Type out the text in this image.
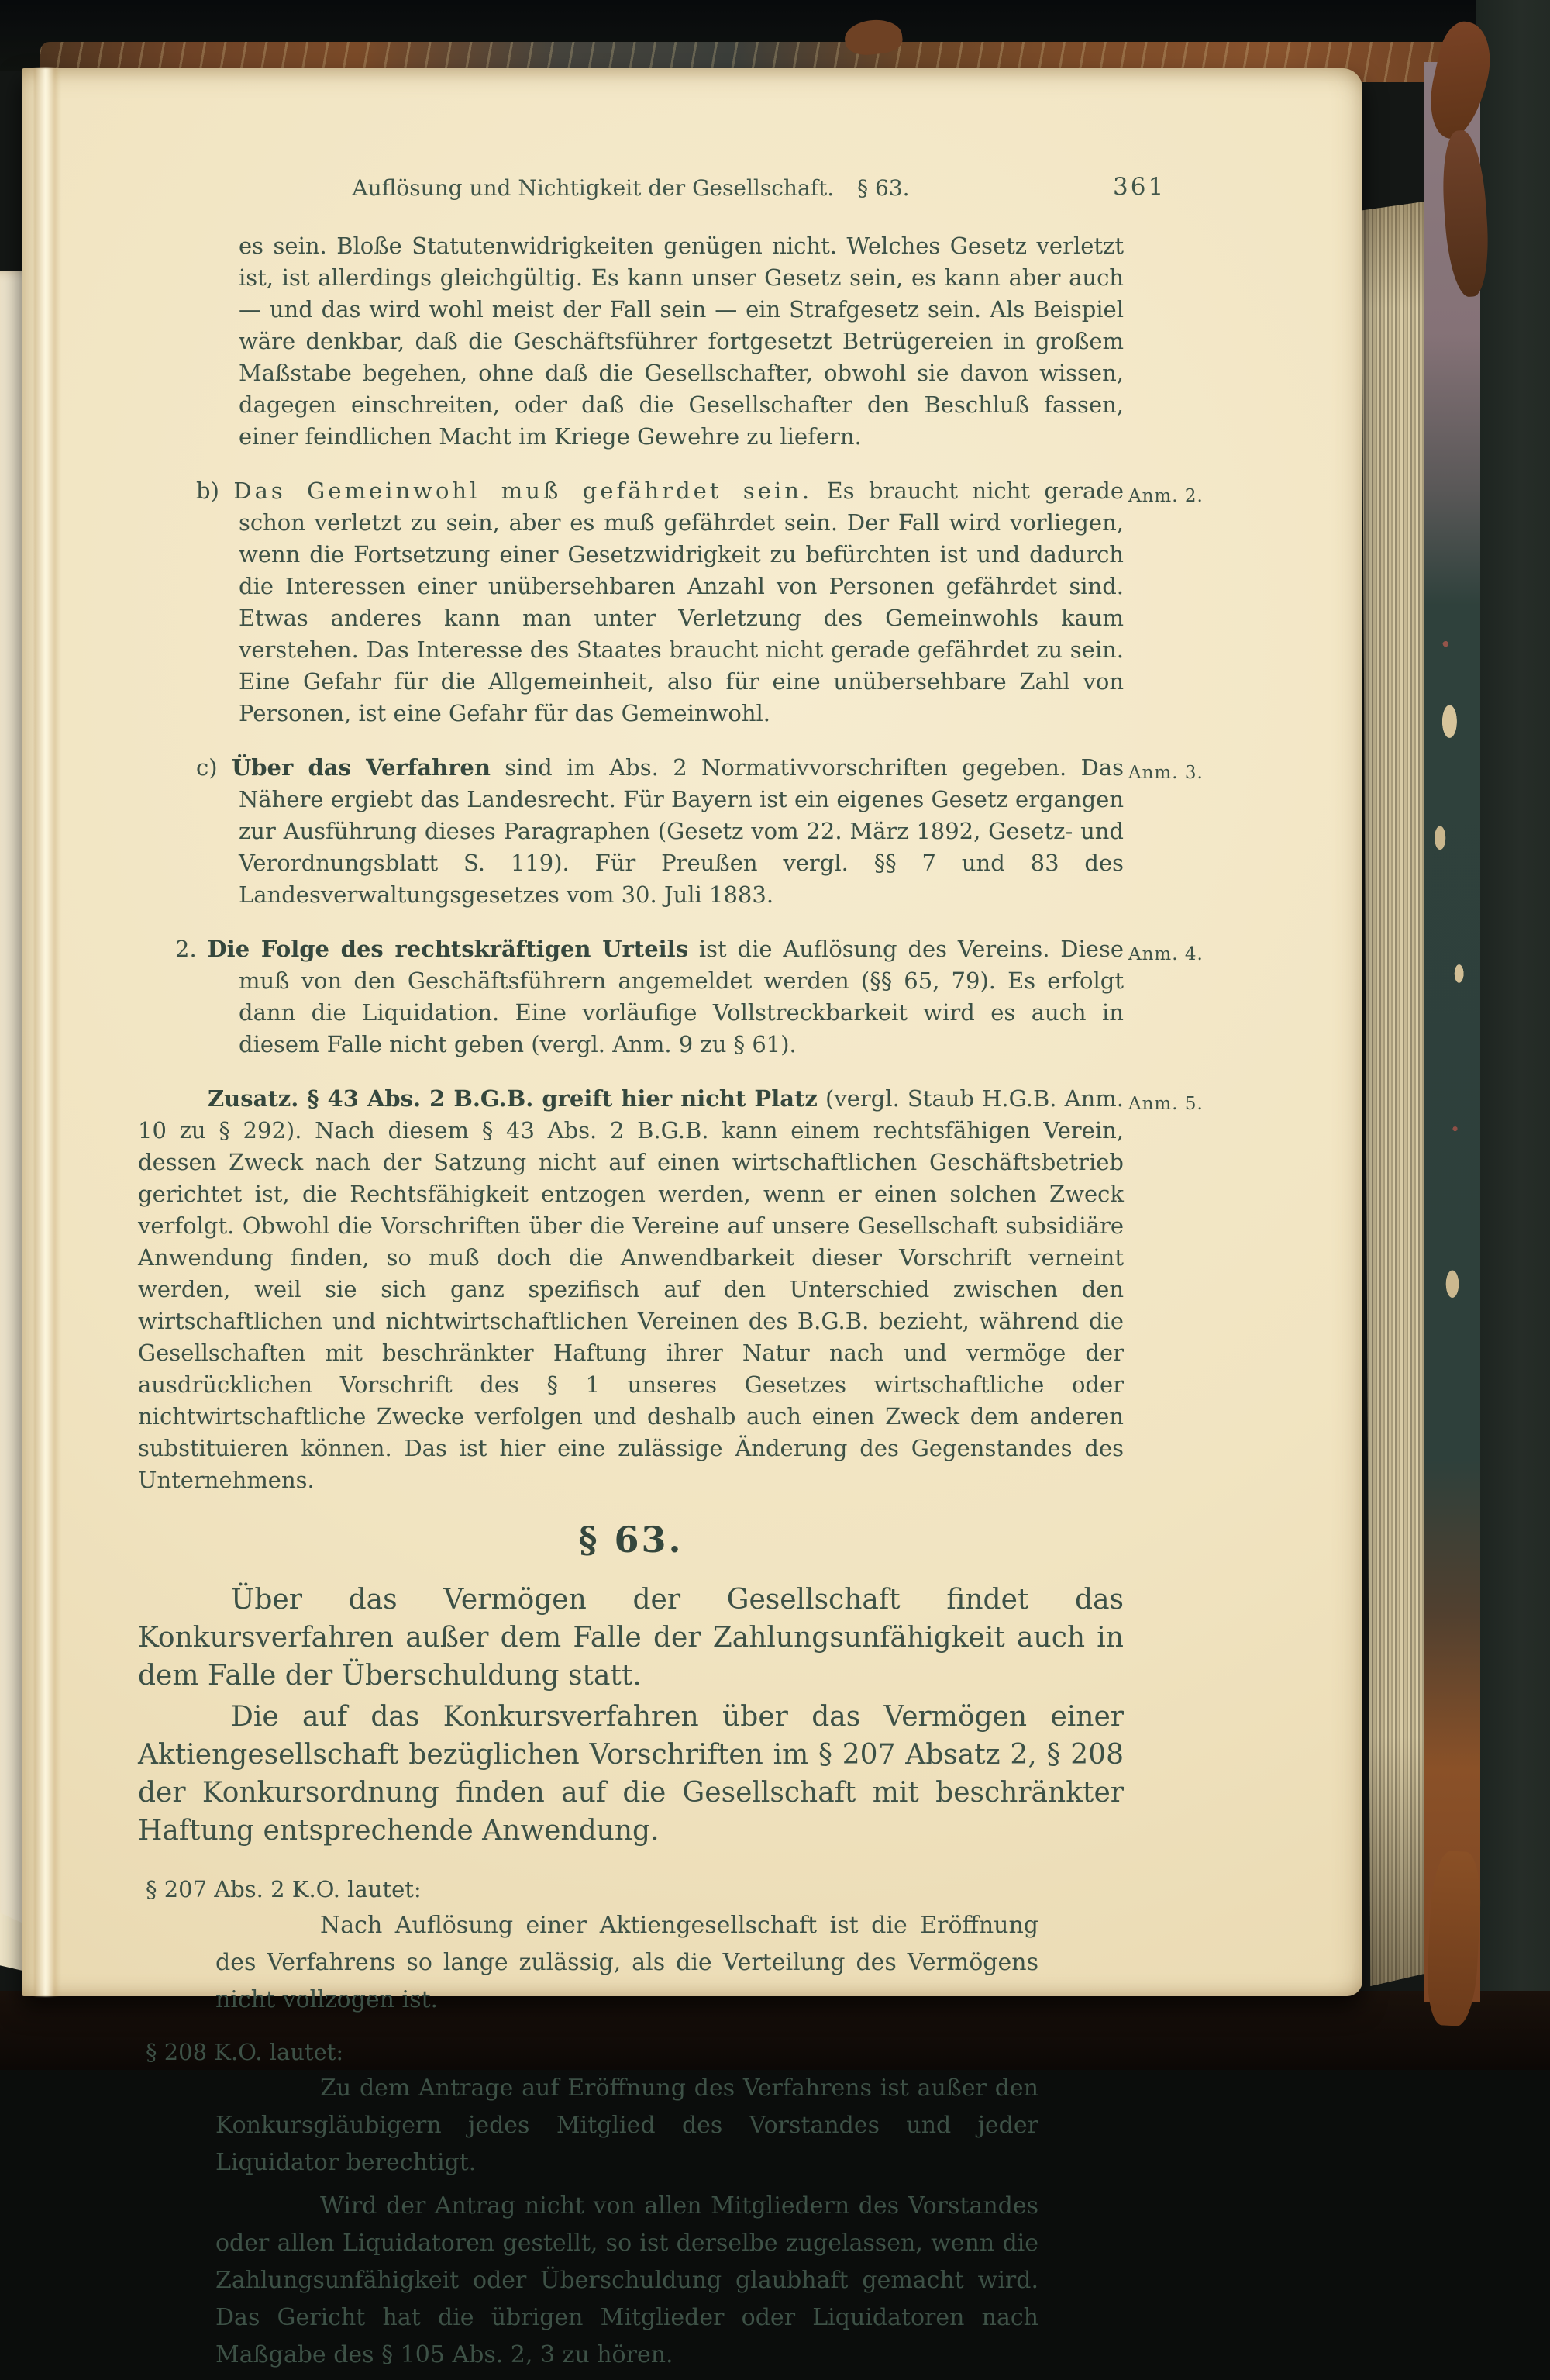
Auflösung und Nichtigkeit der Gesellschaft. § 63.	361

es sein. Bloße Statutenwidrigkeiten genügen nicht. Welches Gesetz verletzt ist, ist allerdings gleichgültig. Es kann unser Gesetz sein, es kann aber auch — und das wird wohl meist der Fall sein — ein Strafgesetz sein. Als Beispiel wäre denkbar, daß die Geschäftsführer fortgesetzt Betrügereien in großem Maßstabe begehen, ohne daß die Gesellschafter, obwohl sie davon wissen, dagegen einschreiten, oder daß die Gesellschafter den Beschluß fassen, einer feindlichen Macht im Kriege Gewehre zu liefern.

b) Das Gemeinwohl muß gefährdet sein. Es braucht nicht gerade schon verletzt zu sein, aber es muß gefährdet sein. Der Fall wird vorliegen, wenn die Fortsetzung einer Gesetzwidrigkeit zu befürchten ist und dadurch die Interessen einer unübersehbaren Anzahl von Personen gefährdet sind. Etwas anderes kann man unter Verletzung des Gemeinwohls kaum verstehen. Das Interesse des Staates braucht nicht gerade gefährdet zu sein. Eine Gefahr für die Allgemeinheit, also für eine unübersehbare Zahl von Personen, ist eine Gefahr für das Gemeinwohl.
Anm. 2.

c) Über das Verfahren sind im Abs. 2 Normativvorschriften gegeben. Das Nähere ergiebt das Landesrecht. Für Bayern ist ein eigenes Gesetz ergangen zur Ausführung dieses Paragraphen (Gesetz vom 22. März 1892, Gesetz- und Verordnungsblatt S. 119). Für Preußen vergl. §§ 7 und 83 des Landesverwaltungsgesetzes vom 30. Juli 1883.
Anm. 3.

2. Die Folge des rechtskräftigen Urteils ist die Auflösung des Vereins. Diese muß von den Geschäftsführern angemeldet werden (§§ 65, 79). Es erfolgt dann die Liquidation. Eine vorläufige Vollstreckbarkeit wird es auch in diesem Falle nicht geben (vergl. Anm. 9 zu § 61).
Anm. 4.

Zusatz. § 43 Abs. 2 B.G.B. greift hier nicht Platz (vergl. Staub H.G.B. Anm. 10 zu § 292). Nach diesem § 43 Abs. 2 B.G.B. kann einem rechtsfähigen Verein, dessen Zweck nach der Satzung nicht auf einen wirtschaftlichen Geschäftsbetrieb gerichtet ist, die Rechtsfähigkeit entzogen werden, wenn er einen solchen Zweck verfolgt. Obwohl die Vorschriften über die Vereine auf unsere Gesellschaft subsidiäre Anwendung finden, so muß doch die Anwendbarkeit dieser Vorschrift verneint werden, weil sie sich ganz spezifisch auf den Unterschied zwischen den wirtschaftlichen und nichtwirtschaftlichen Vereinen des B.G.B. bezieht, während die Gesellschaften mit beschränkter Haftung ihrer Natur nach und vermöge der ausdrücklichen Vorschrift des § 1 unseres Gesetzes wirtschaftliche oder nichtwirtschaftliche Zwecke verfolgen und deshalb auch einen Zweck dem anderen substituieren können. Das ist hier eine zulässige Änderung des Gegenstandes des Unternehmens.
Anm. 5.

§ 63.

Über das Vermögen der Gesellschaft findet das Konkursverfahren außer dem Falle der Zahlungsunfähigkeit auch in dem Falle der Überschuldung statt.

Die auf das Konkursverfahren über das Vermögen einer Aktiengesellschaft bezüglichen Vorschriften im § 207 Absatz 2, § 208 der Konkursordnung finden auf die Gesellschaft mit beschränkter Haftung entsprechende Anwendung.

§ 207 Abs. 2 K.O. lautet:

Nach Auflösung einer Aktiengesellschaft ist die Eröffnung des Verfahrens so lange zulässig, als die Verteilung des Vermögens nicht vollzogen ist.

§ 208 K.O. lautet:

Zu dem Antrage auf Eröffnung des Verfahrens ist außer den Konkursgläubigern jedes Mitglied des Vorstandes und jeder Liquidator berechtigt.

Wird der Antrag nicht von allen Mitgliedern des Vorstandes oder allen Liquidatoren gestellt, so ist derselbe zugelassen, wenn die Zahlungsunfähigkeit oder Überschuldung glaubhaft gemacht wird. Das Gericht hat die übrigen Mitglieder oder Liquidatoren nach Maßgabe des § 105 Abs. 2, 3 zu hören.
